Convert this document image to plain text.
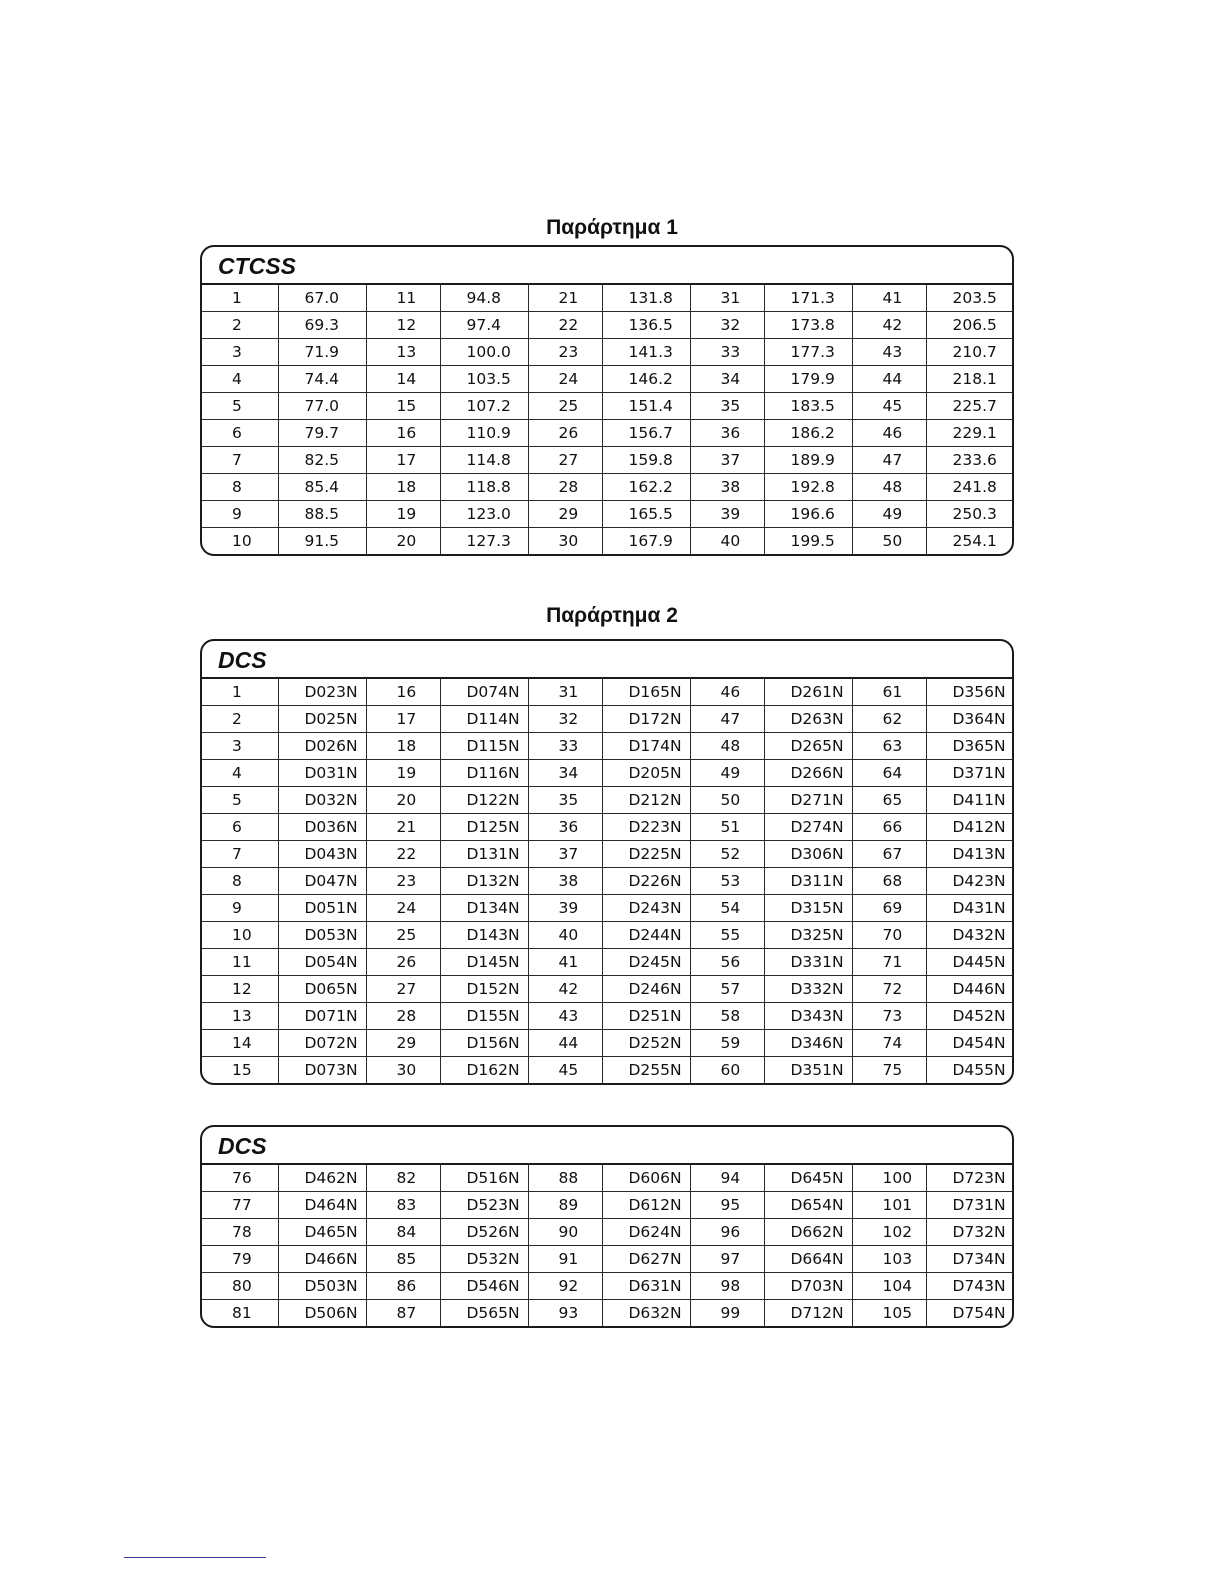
Παράρτημα 1
CTCSS
1	67.0	11	94.8	21	131.8	31	171.3	41	203.5
2	69.3	12	97.4	22	136.5	32	173.8	42	206.5
3	71.9	13	100.0	23	141.3	33	177.3	43	210.7
4	74.4	14	103.5	24	146.2	34	179.9	44	218.1
5	77.0	15	107.2	25	151.4	35	183.5	45	225.7
6	79.7	16	110.9	26	156.7	36	186.2	46	229.1
7	82.5	17	114.8	27	159.8	37	189.9	47	233.6
8	85.4	18	118.8	28	162.2	38	192.8	48	241.8
9	88.5	19	123.0	29	165.5	39	196.6	49	250.3
10	91.5	20	127.3	30	167.9	40	199.5	50	254.1
Παράρτημα 2
DCS
1	D023N	16	D074N	31	D165N	46	D261N	61	D356N
2	D025N	17	D114N	32	D172N	47	D263N	62	D364N
3	D026N	18	D115N	33	D174N	48	D265N	63	D365N
4	D031N	19	D116N	34	D205N	49	D266N	64	D371N
5	D032N	20	D122N	35	D212N	50	D271N	65	D411N
6	D036N	21	D125N	36	D223N	51	D274N	66	D412N
7	D043N	22	D131N	37	D225N	52	D306N	67	D413N
8	D047N	23	D132N	38	D226N	53	D311N	68	D423N
9	D051N	24	D134N	39	D243N	54	D315N	69	D431N
10	D053N	25	D143N	40	D244N	55	D325N	70	D432N
11	D054N	26	D145N	41	D245N	56	D331N	71	D445N
12	D065N	27	D152N	42	D246N	57	D332N	72	D446N
13	D071N	28	D155N	43	D251N	58	D343N	73	D452N
14	D072N	29	D156N	44	D252N	59	D346N	74	D454N
15	D073N	30	D162N	45	D255N	60	D351N	75	D455N
DCS
76	D462N	82	D516N	88	D606N	94	D645N	100	D723N
77	D464N	83	D523N	89	D612N	95	D654N	101	D731N
78	D465N	84	D526N	90	D624N	96	D662N	102	D732N
79	D466N	85	D532N	91	D627N	97	D664N	103	D734N
80	D503N	86	D546N	92	D631N	98	D703N	104	D743N
81	D506N	87	D565N	93	D632N	99	D712N	105	D754N
